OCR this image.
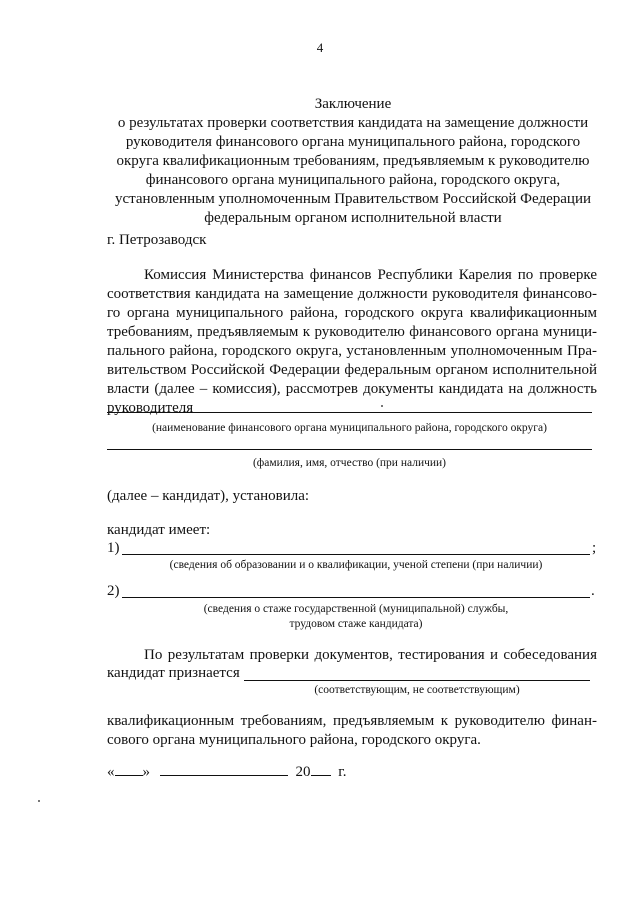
4
Заключение
о результатах проверки соответствия кандидата на замещение должности
руководителя финансового органа муниципального района, городского
округа квалификационным требованиям, предъявляемым к руководителю
финансового органа муниципального района, городского округа,
установленным уполномоченным Правительством Российской Федерации
федеральным органом исполнительной власти
г. Петрозаводск
Комиссия Министерства финансов Республики Карелия по проверке соответствия кандидата на замещение должности руководителя финансово-го органа муниципального района, городского округа квалификационным требованиям, предъявляемым к руководителю финансового органа муници-пального района, городского округа, установленным уполномоченным Пра-вительством Российской Федерации федеральным органом исполнительной власти (далее – комиссия), рассмотрев документы кандидата на должность руководителя
(наименование финансового органа муниципального района, городского округа)
(фамилия, имя, отчество (при наличии)
(далее – кандидат), установила:
кандидат имеет:
1)	;
(сведения об образовании и о квалификации, ученой степени (при наличии)
2)	.
(сведения о стаже государственной (муниципальной) службы,
трудовом стаже кандидата)
По результатам проверки документов, тестирования и собеседования
кандидат признается
(соответствующим, не соответствующим)
квалификационным требованиям, предъявляемым к руководителю финан-сового органа муниципального района, городского округа.
« »	20 г.
